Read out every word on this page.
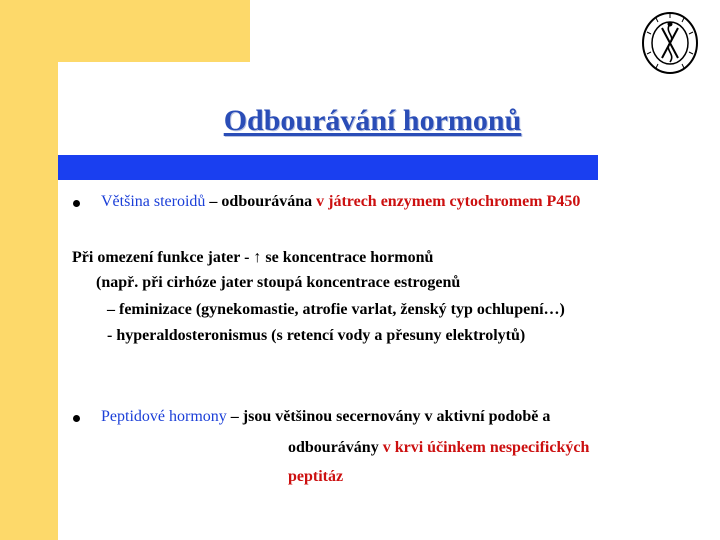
Odbourávání hormonů
Většina steroidů – odbourávána v játrech enzymem cytochromem P450
Při omezení funkce jater - ↑ se koncentrace hormonů
(např. při cirhóze jater stoupá koncentrace estrogenů
– feminizace (gynekomastie, atrofie varlat, ženský typ ochlupení…)
- hyperaldosteronismus (s retencí vody a přesuny elektrolytů)
Peptidové hormony – jsou většinou secernovány v aktivní podobě a
odbourávány v krvi účinkem nespecifických
peptitáz
